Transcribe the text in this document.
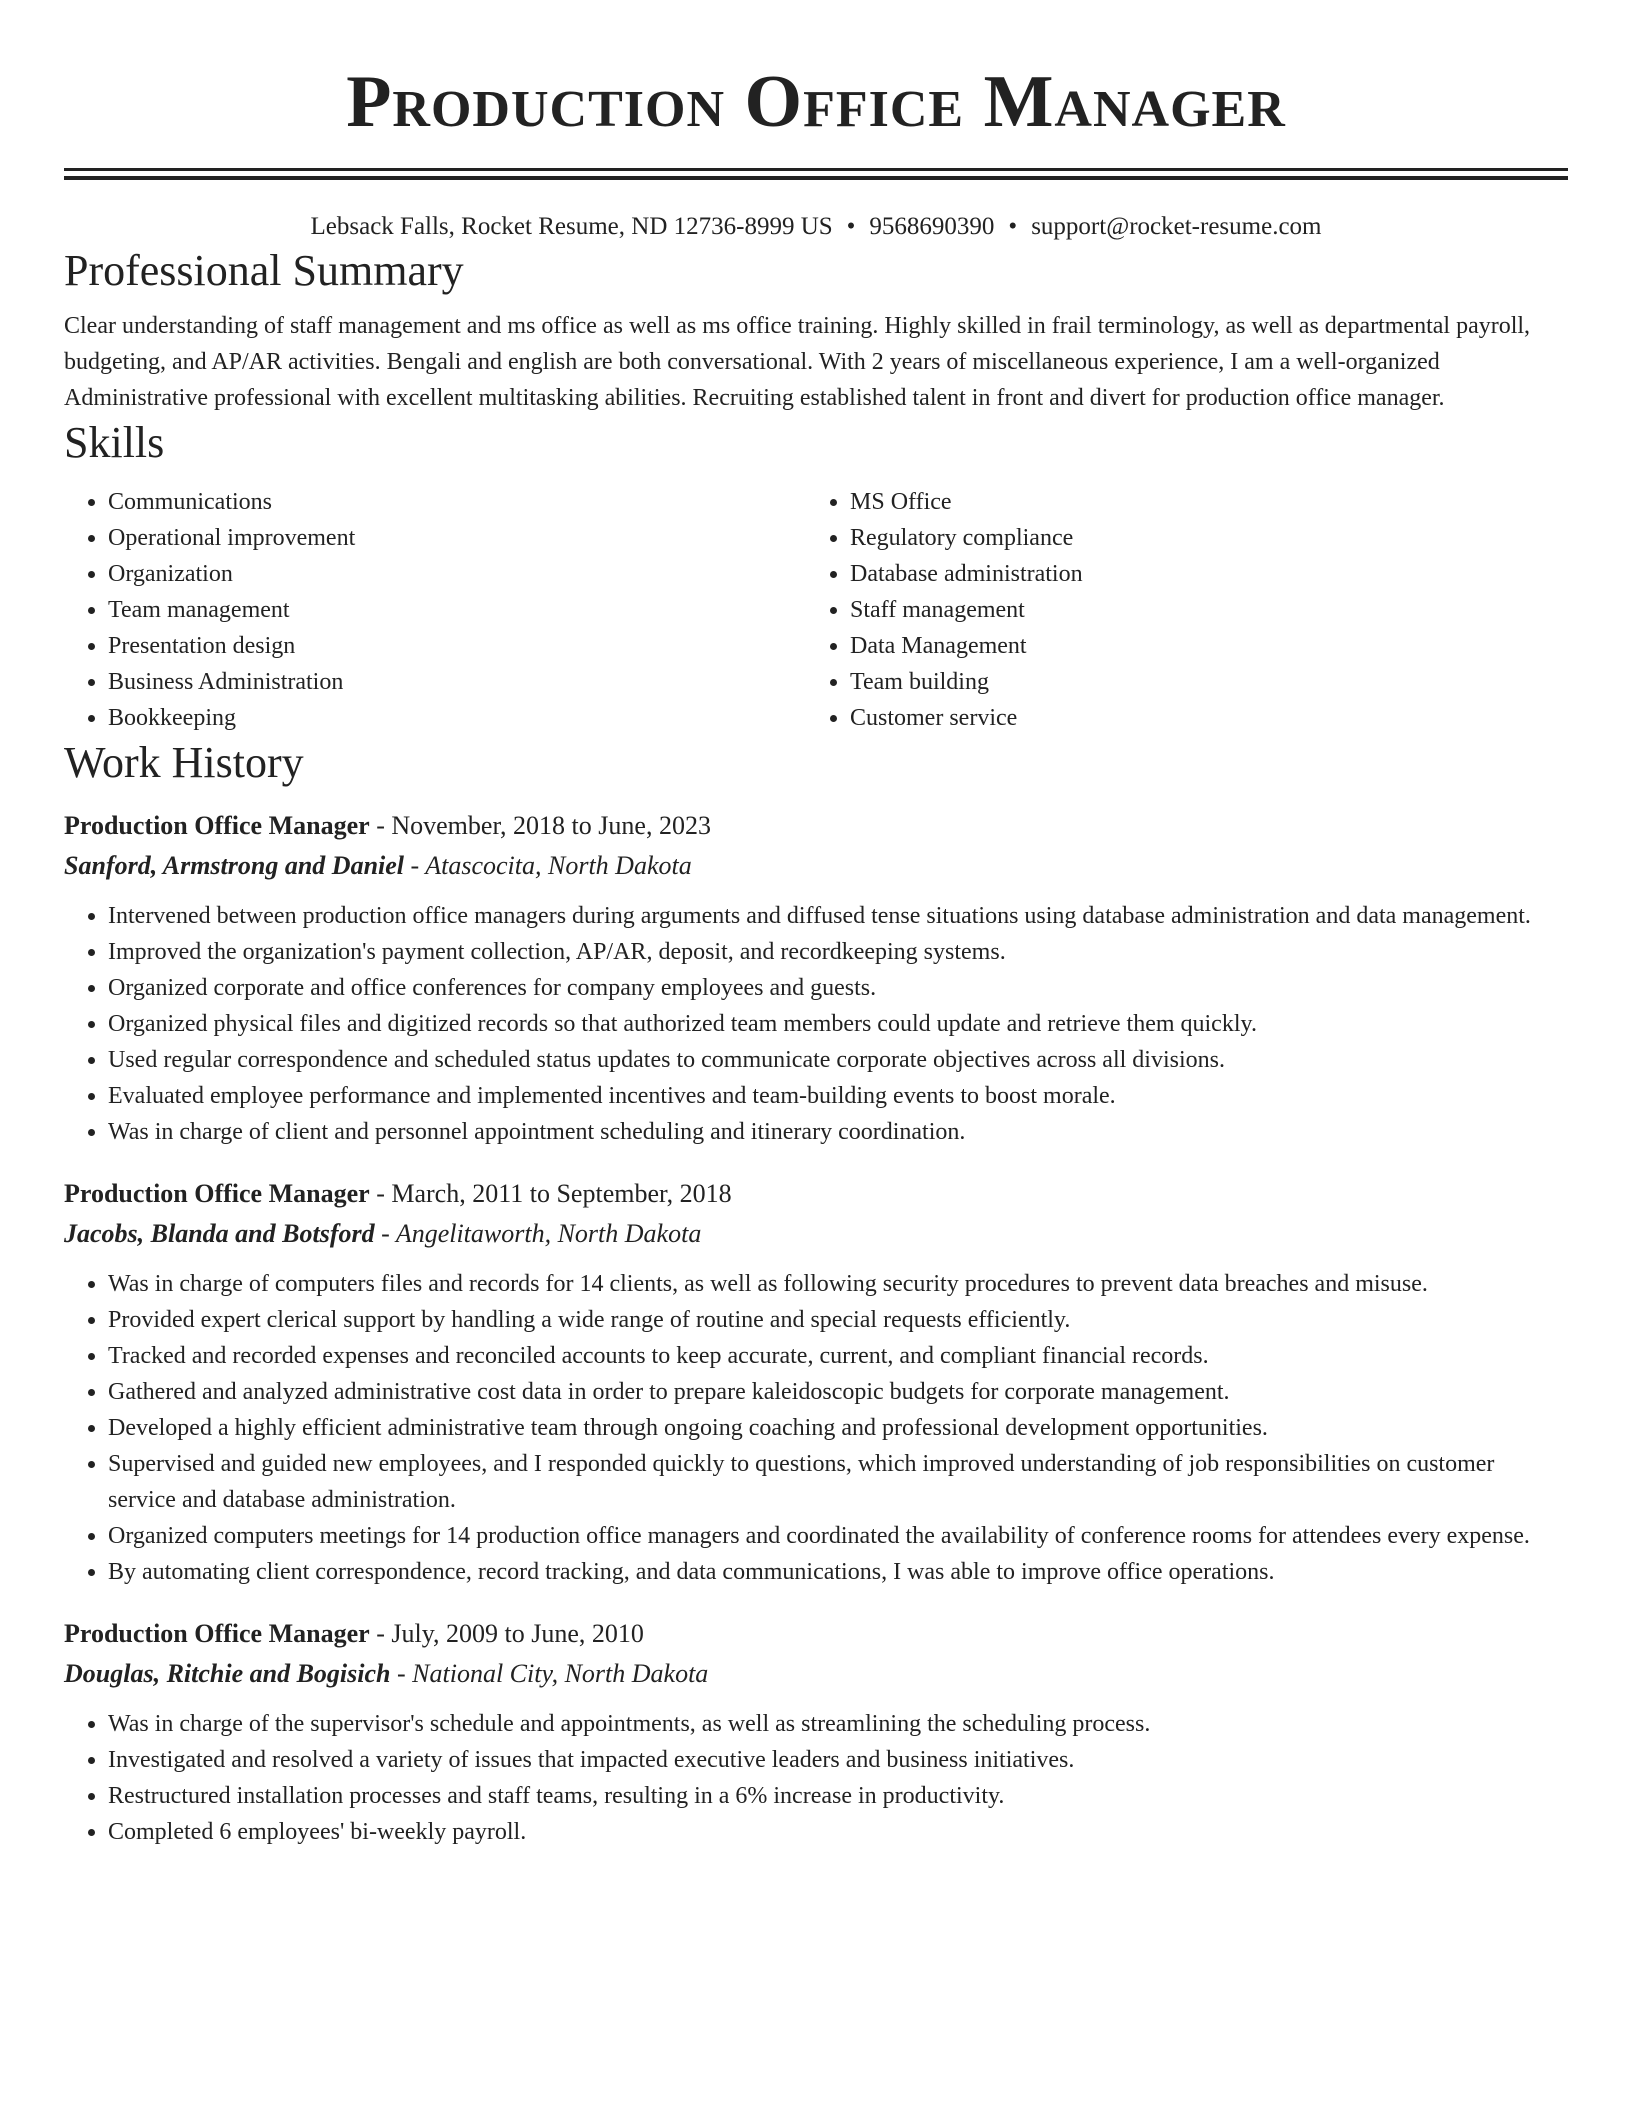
Production Office Manager
Lebsack Falls, Rocket Resume, ND 12736-8999 US • 9568690390 • support@rocket-resume.com
Professional Summary

Clear understanding of staff management and ms office as well as ms office training. Highly skilled in frail terminology, as well as departmental payroll, budgeting, and AP/AR activities. Bengali and english are both conversational. With 2 years of miscellaneous experience, I am a well-organized Administrative professional with excellent multitasking abilities. Recruiting established talent in front and divert for production office manager.

Skills
• Communications
• Operational improvement
• Organization
• Team management
• Presentation design
• Business Administration
• Bookkeeping
• MS Office
• Regulatory compliance
• Database administration
• Staff management
• Data Management
• Team building
• Customer service
Work History
Production Office Manager - November, 2018 to June, 2023
Sanford, Armstrong and Daniel - Atascocita, North Dakota
• Intervened between production office managers during arguments and diffused tense situations using database administration and data management.
• Improved the organization's payment collection, AP/AR, deposit, and recordkeeping systems.
• Organized corporate and office conferences for company employees and guests.
• Organized physical files and digitized records so that authorized team members could update and retrieve them quickly.
• Used regular correspondence and scheduled status updates to communicate corporate objectives across all divisions.
• Evaluated employee performance and implemented incentives and team-building events to boost morale.
• Was in charge of client and personnel appointment scheduling and itinerary coordination.
Production Office Manager - March, 2011 to September, 2018
Jacobs, Blanda and Botsford - Angelitaworth, North Dakota
• Was in charge of computers files and records for 14 clients, as well as following security procedures to prevent data breaches and misuse.
• Provided expert clerical support by handling a wide range of routine and special requests efficiently.
• Tracked and recorded expenses and reconciled accounts to keep accurate, current, and compliant financial records.
• Gathered and analyzed administrative cost data in order to prepare kaleidoscopic budgets for corporate management.
• Developed a highly efficient administrative team through ongoing coaching and professional development opportunities.
• Supervised and guided new employees, and I responded quickly to questions, which improved understanding of job responsibilities on customer service and database administration.
• Organized computers meetings for 14 production office managers and coordinated the availability of conference rooms for attendees every expense.
• By automating client correspondence, record tracking, and data communications, I was able to improve office operations.
Production Office Manager - July, 2009 to June, 2010
Douglas, Ritchie and Bogisich - National City, North Dakota
• Was in charge of the supervisor's schedule and appointments, as well as streamlining the scheduling process.
• Investigated and resolved a variety of issues that impacted executive leaders and business initiatives.
• Restructured installation processes and staff teams, resulting in a 6% increase in productivity.
• Completed 6 employees' bi-weekly payroll.
